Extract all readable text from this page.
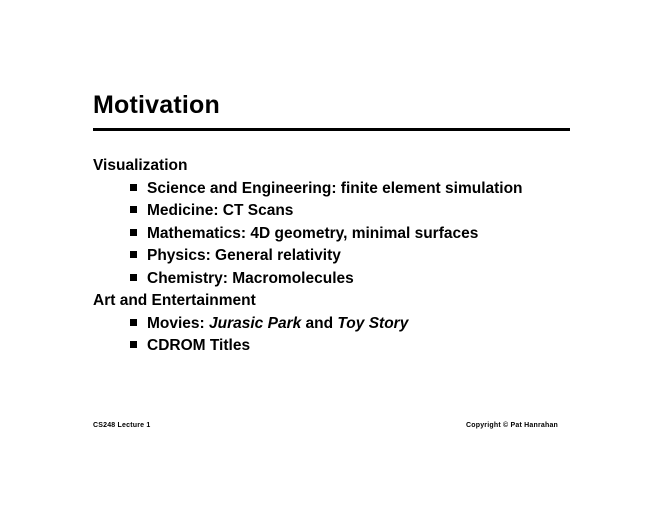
Motivation
Visualization
Science and Engineering: finite element simulation
Medicine: CT Scans
Mathematics: 4D geometry, minimal surfaces
Physics: General relativity
Chemistry: Macromolecules
Art and Entertainment
Movies: Jurasic Park and Toy Story
CDROM Titles
CS248 Lecture 1	Copyright © Pat Hanrahan
